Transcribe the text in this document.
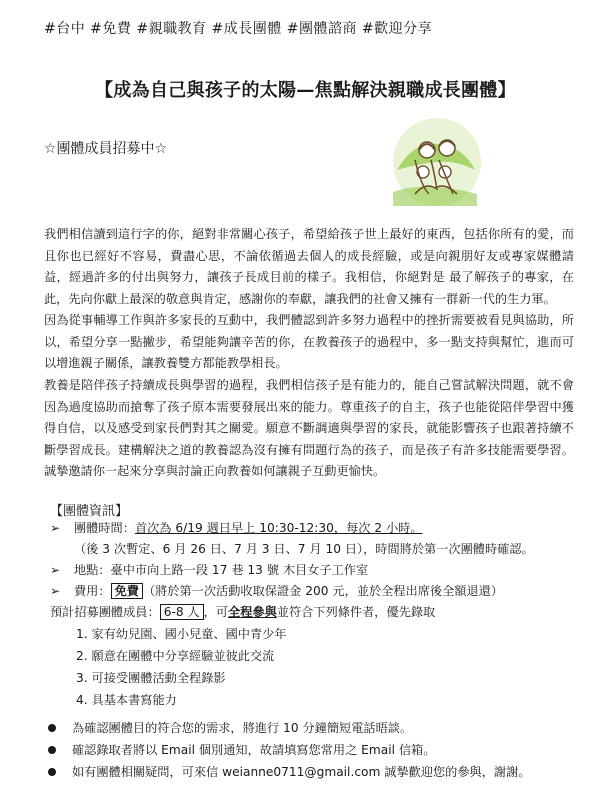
#台中 #免費 #親職教育 #成長團體 #團體諮商 #歡迎分享
【成為自己與孩子的太陽—焦點解決親職成長團體】
☆團體成員招募中☆
我們相信讀到這行字的你，絕對非常關心孩子，希望給孩子世上最好的東西，包括你所有的愛，而且你也已經好不容易，費盡心思，不論依循過去個人的成長經驗，或是向親朋好友或專家媒體請益，經過許多的付出與努力，讓孩子長成目前的樣子。我相信，你絕對是 最了解孩子的專家，在此，先向你獻上最深的敬意與肯定，感謝你的奉獻，讓我們的社會又擁有一群新一代的生力軍。
因為從事輔導工作與許多家長的互動中，我們體認到許多努力過程中的挫折需要被看見與協助，所以，希望分享一點撇步，希望能夠讓辛苦的你，在教養孩子的過程中，多一點支持與幫忙，進而可以增進親子關係，讓教養雙方都能教學相長。
教養是陪伴孩子持續成長與學習的過程，我們相信孩子是有能力的，能自己嘗試解決問題，就不會因為過度協助而搶奪了孩子原本需要發展出來的能力。尊重孩子的自主，孩子也能從陪伴學習中獲得自信，以及感受到家長們對其之關愛。願意不斷調適與學習的家長，就能影響孩子也跟著持續不斷學習成長。建構解決之道的教養認為沒有擁有問題行為的孩子，而是孩子有許多技能需要學習。誠摯邀請你一起來分享與討論正向教養如何讓親子互動更愉快。
【團體資訊】
➢ 團體時間：首次為 6/19 週日早上 10:30-12:30，每次 2 小時。
（後 3 次暫定、6 月 26 日、7 月 3 日、7 月 10 日），時間將於第一次團體時確認。
➢ 地點：臺中市向上路一段 17 巷 13 號 木目女子工作室
➢ 費用： 免費 （將於第一次活動收取保證金 200 元，並於全程出席後全額退還）
預計招募團體成員： 6-8 人 ，可全程參與並符合下列條件者，優先錄取
1. 家有幼兒園、國小兒童、國中青少年
2. 願意在團體中分享經驗並彼此交流
3. 可接受團體活動全程錄影
4. 具基本書寫能力
為確認團體目的符合您的需求，將進行 10 分鐘簡短電話晤談。
確認錄取者將以 Email 個別通知，故請填寫您常用之 Email 信箱。
如有團體相關疑問，可來信 weianne0711@gmail.com 誠摯歡迎您的參與，謝謝。
